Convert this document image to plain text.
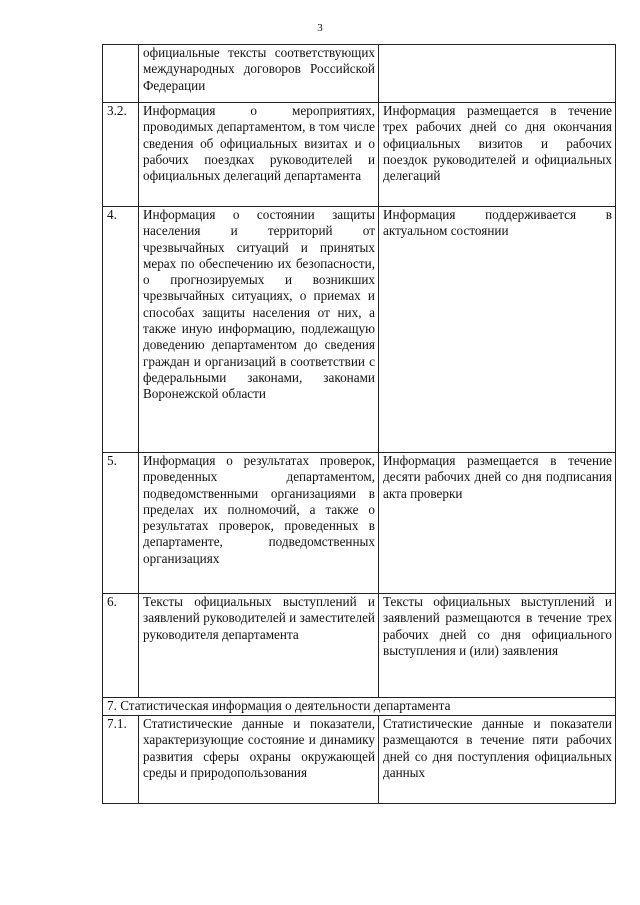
3
	официальные тексты соответствующих международных договоров Российской Федерации	
3.2.	Информация о мероприятиях, проводимых департаментом, в том числе сведения об официальных визитах и о рабочих поездках руководителей и официальных делегаций департамента	Информация размещается в течение трех рабочих дней со дня окончания официальных визитов и рабочих поездок руководителей и официальных делегаций
4.	Информация о состоянии защиты населения и территорий от чрезвычайных ситуаций и принятых мерах по обеспечению их безопасности, о прогнозируемых и возникших чрезвычайных ситуациях, о приемах и способах защиты населения от них, а также иную информацию, подлежащую доведению департаментом до сведения граждан и организаций в соответствии с федеральными законами, законами Воронежской области	Информация поддерживается в актуальном состоянии
5.	Информация о результатах проверок, проведенных департаментом, подведомственными организациями в пределах их полномочий, а также о результатах проверок, проведенных в департаменте, подведомственных организациях	Информация размещается в течение десяти рабочих дней со дня подписания акта проверки
6.	Тексты официальных выступлений и заявлений руководителей и заместителей руководителя департамента	Тексты официальных выступлений и заявлений размещаются в течение трех рабочих дней со дня официального выступления и (или) заявления
7. Статистическая информация о деятельности департамента		
7.1.	Статистические данные и показатели, характеризующие состояние и динамику развития сферы охраны окружающей среды и природопользования	Статистические данные и показатели размещаются в течение пяти рабочих дней со дня поступления официальных данных
